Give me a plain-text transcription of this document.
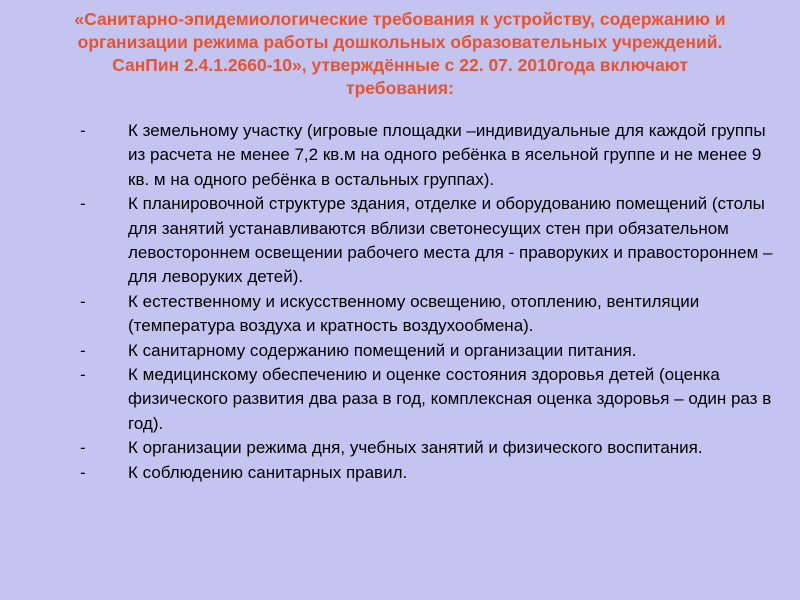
«Санитарно-эпидемиологические требования к устройству, содержанию и организации режима работы дошкольных образовательных учреждений. СанПин 2.4.1.2660-10», утверждённые с 22. 07. 2010года включают требования:
-	К земельному участку (игровые площадки –индивидуальные для каждой группы из расчета не менее 7,2 кв.м на одного ребёнка в ясельной группе и не менее 9 кв. м на одного ребёнка в остальных группах).
-	К планировочной структуре здания, отделке и оборудованию помещений (столы для занятий устанавливаются вблизи светонесущих стен при обязательном левостороннем освещении рабочего места для - праворуких и правостороннем –для леворуких детей).
-	К естественному и искусственному освещению, отоплению, вентиляции (температура воздуха и кратность воздухообмена).
-	К санитарному содержанию помещений и организации питания.
-	К медицинскому обеспечению и оценке состояния здоровья детей (оценка физического развития два раза в год, комплексная оценка здоровья – один раз в год).
-	К организации режима дня, учебных занятий и физического воспитания.
-	К соблюдению санитарных правил.
